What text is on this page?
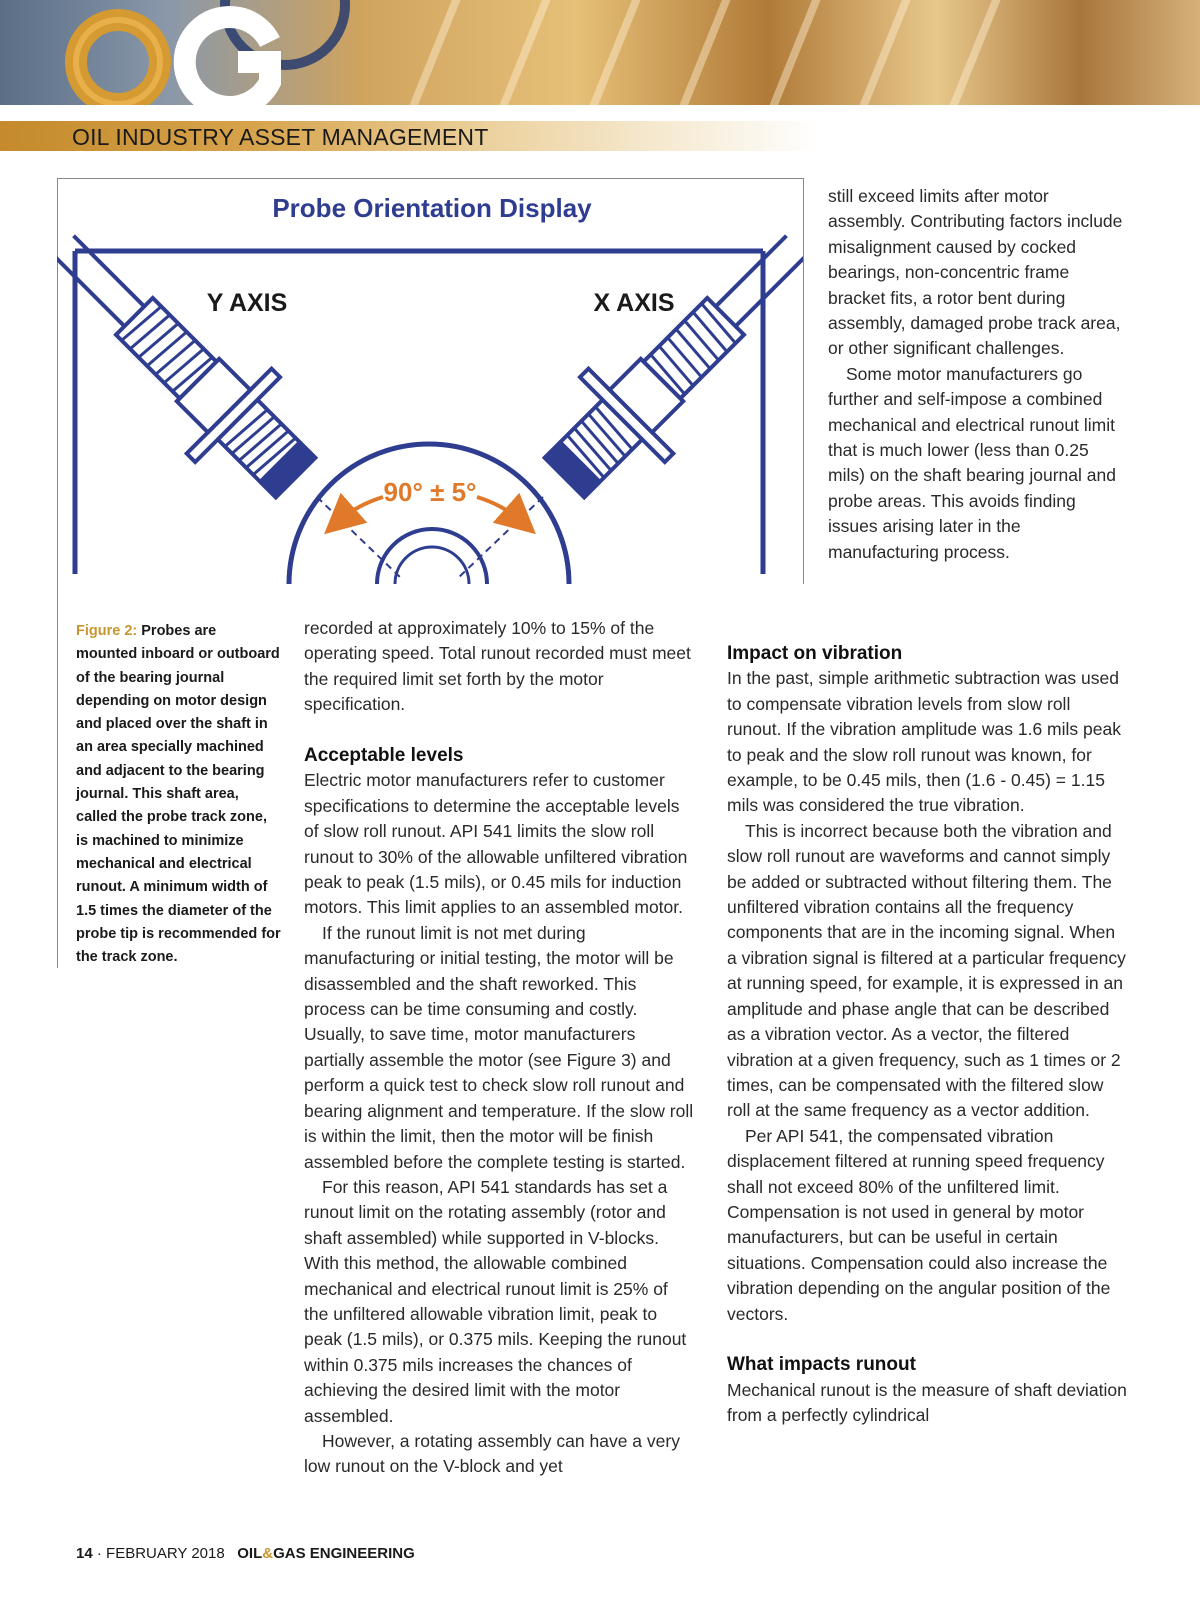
OIL INDUSTRY ASSET MANAGEMENT
Probe Orientation Display
Y AXIS	X AXIS
90° ± 5°
Figure 2: Probes are mounted inboard or outboard of the bearing journal depending on motor design and placed over the shaft in an area specially machined and adjacent to the bearing journal. This shaft area, called the probe track zone, is machined to minimize mechanical and electrical runout. A minimum width of 1.5 times the diameter of the probe tip is recommended for the track zone.

recorded at approximately 10% to 15% of the operating speed. Total runout recorded must meet the required limit set forth by the motor specification.

Acceptable levels

Electric motor manufacturers refer to customer specifications to determine the acceptable levels of slow roll runout. API 541 limits the slow roll runout to 30% of the allowable unfiltered vibration peak to peak (1.5 mils), or 0.45 mils for induction motors. This limit applies to an assembled motor.

If the runout limit is not met during manufacturing or initial testing, the motor will be disassembled and the shaft reworked. This process can be time consuming and costly. Usually, to save time, motor manufacturers partially assemble the motor (see Figure 3) and perform a quick test to check slow roll runout and bearing alignment and temperature. If the slow roll is within the limit, then the motor will be finish assembled before the complete testing is started.

For this reason, API 541 standards has set a runout limit on the rotating assembly (rotor and shaft assembled) while supported in V-blocks. With this method, the allowable combined mechanical and electrical runout limit is 25% of the unfiltered allowable vibration limit, peak to peak (1.5 mils), or 0.375 mils. Keeping the runout within 0.375 mils increases the chances of achieving the desired limit with the motor assembled.

However, a rotating assembly can have a very low runout on the V-block and yet

still exceed limits after motor assembly. Contributing factors include misalignment caused by cocked bearings, non-concentric frame bracket fits, a rotor bent during assembly, damaged probe track area, or other significant challenges.

Some motor manufacturers go further and self-impose a combined mechanical and electrical runout limit that is much lower (less than 0.25 mils) on the shaft bearing journal and probe areas. This avoids finding issues arising later in the manufacturing process.

Impact on vibration

In the past, simple arithmetic subtraction was used to compensate vibration levels from slow roll runout. If the vibration amplitude was 1.6 mils peak to peak and the slow roll runout was known, for example, to be 0.45 mils, then (1.6 - 0.45) = 1.15 mils was considered the true vibration.

This is incorrect because both the vibration and slow roll runout are waveforms and cannot simply be added or subtracted without filtering them. The unfiltered vibration contains all the frequency components that are in the incoming signal. When a vibration signal is filtered at a particular frequency at running speed, for example, it is expressed in an amplitude and phase angle that can be described as a vibration vector. As a vector, the filtered vibration at a given frequency, such as 1 times or 2 times, can be compensated with the filtered slow roll at the same frequency as a vector addition.

Per API 541, the compensated vibration displacement filtered at running speed frequency shall not exceed 80% of the unfiltered limit. Compensation is not used in general by motor manufacturers, but can be useful in certain situations. Compensation could also increase the vibration depending on the angular position of the vectors.

What impacts runout

Mechanical runout is the measure of shaft deviation from a perfectly cylindrical

14 · FEBRUARY 2018 OIL&GAS ENGINEERING
